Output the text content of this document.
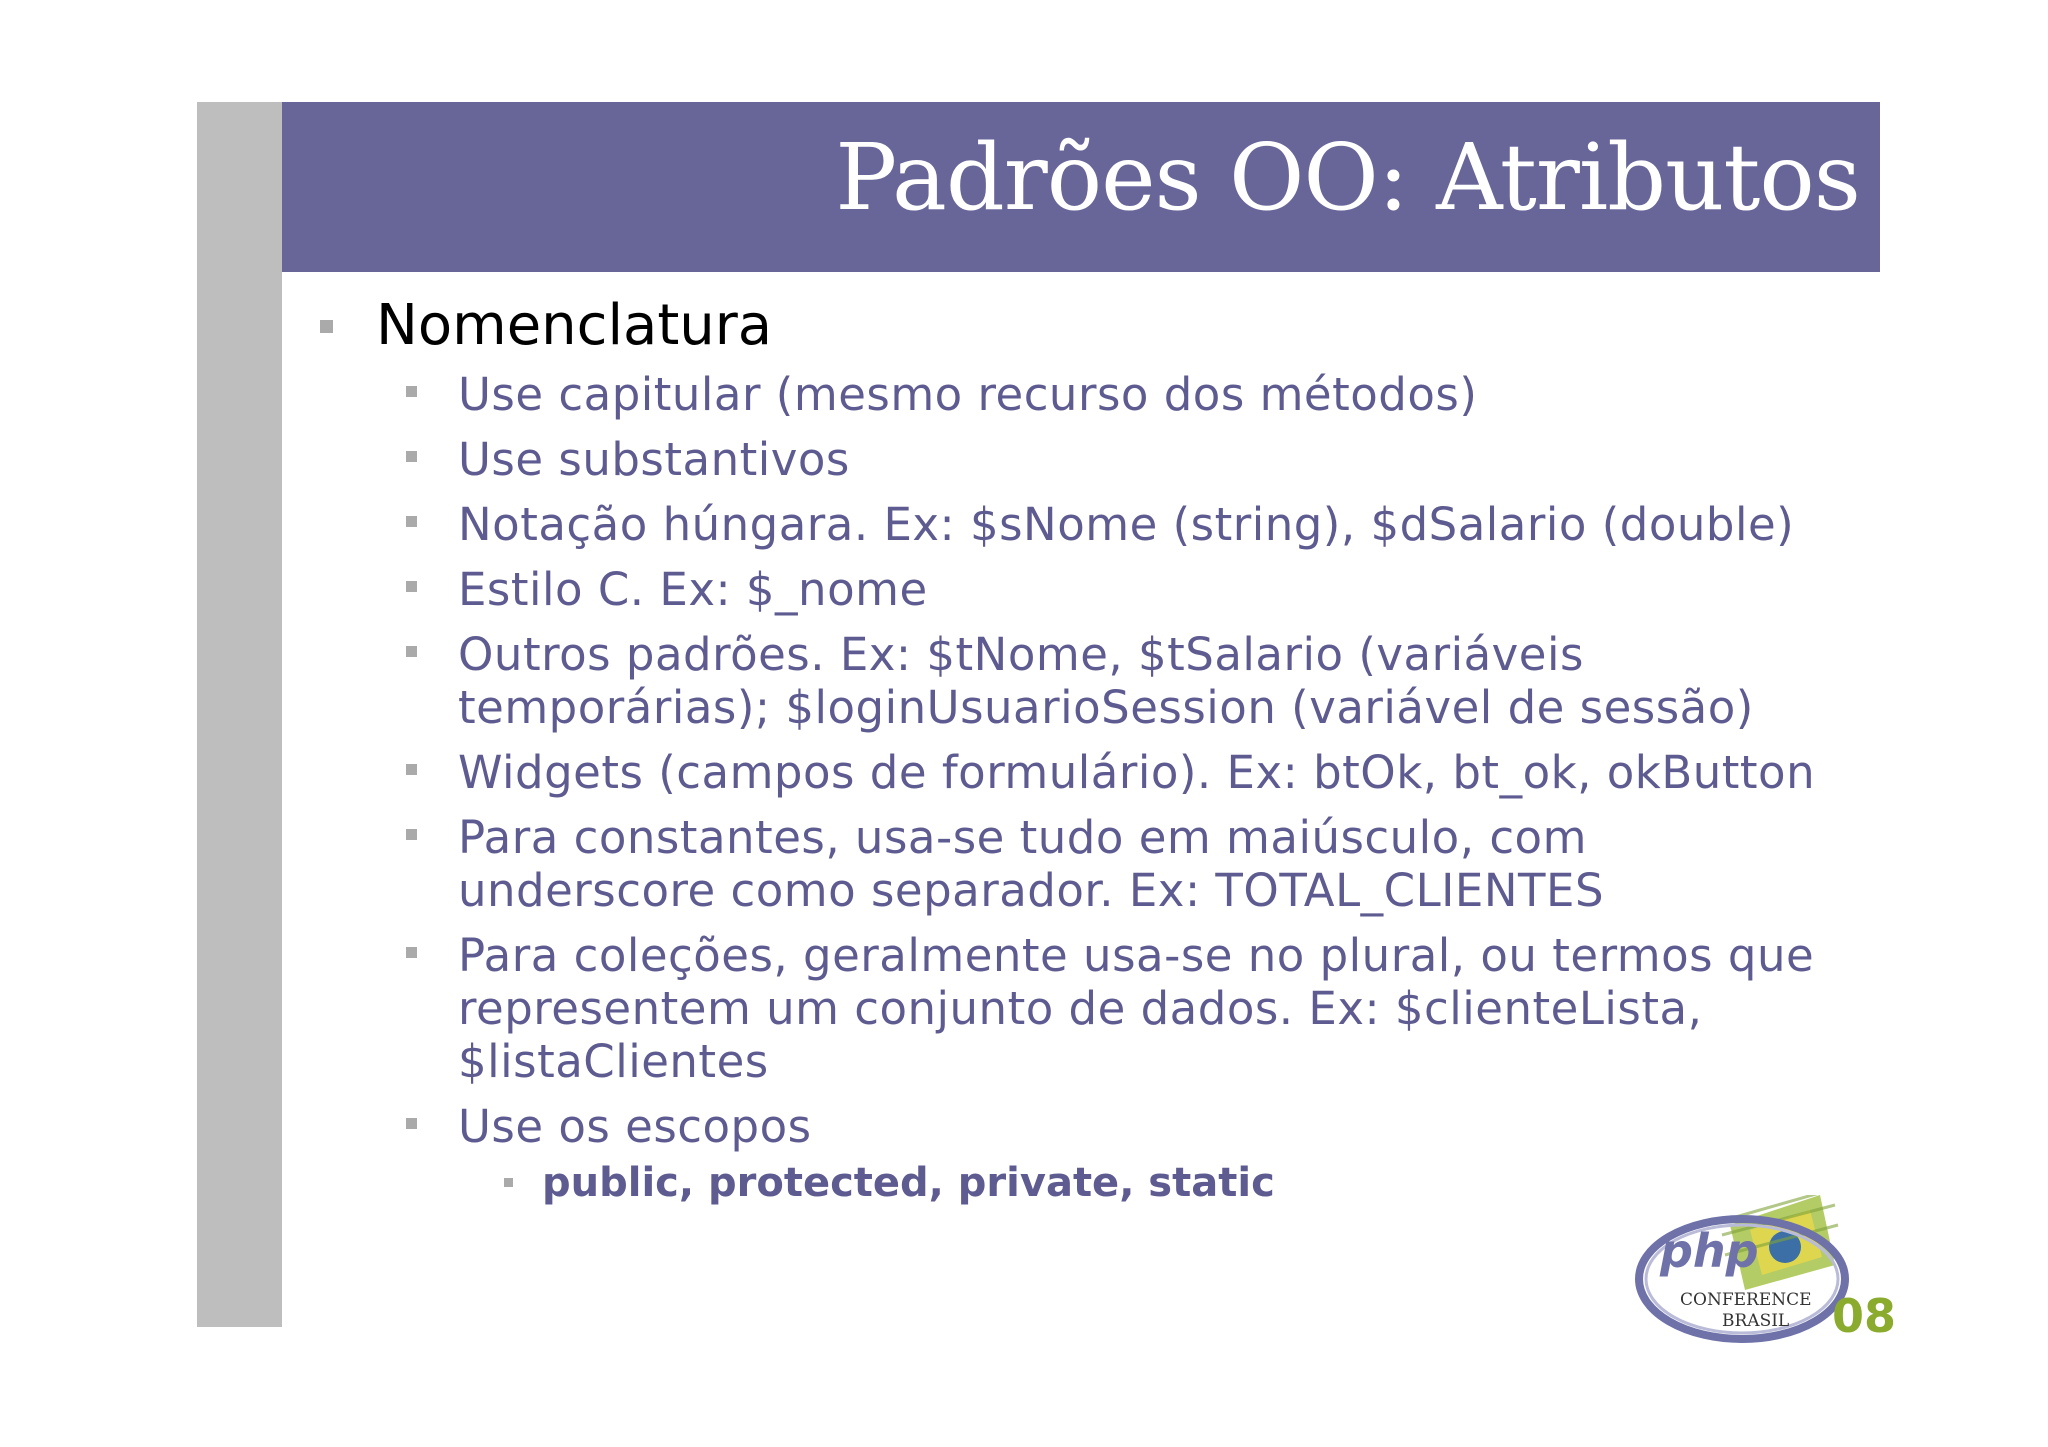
Padrões OO: Atributos
Nomenclatura
Use capitular (mesmo recurso dos métodos)
Use substantivos
Notação húngara. Ex: $sNome (string), $dSalario (double)
Estilo C. Ex: $_nome
Outros padrões. Ex: $tNome, $tSalario (variáveis
temporárias); $loginUsuarioSession (variável de sessão)
Widgets (campos de formulário). Ex: btOk, bt_ok, okButton
Para constantes, usa-se tudo em maiúsculo, com
underscore como separador. Ex: TOTAL_CLIENTES
Para coleções, geralmente usa-se no plural, ou termos que
representem um conjunto de dados. Ex: $clienteLista,
$listaClientes
Use os escopos
public, protected, private, static
php
CONFERENCE
BRASIL 08
